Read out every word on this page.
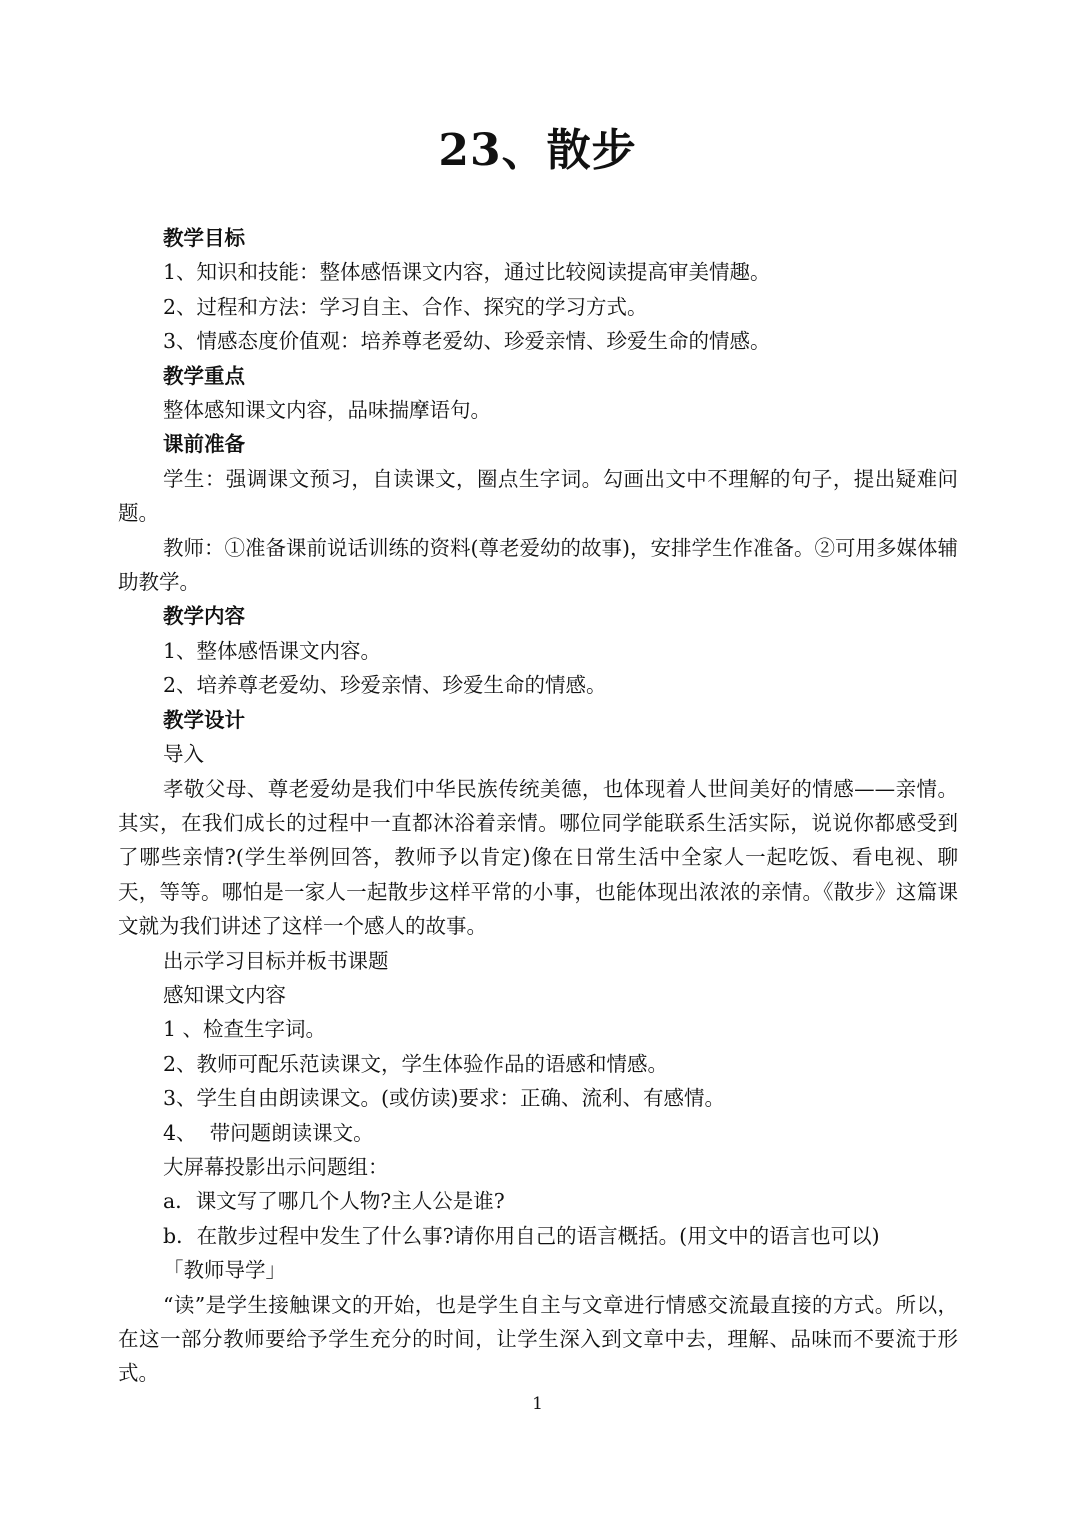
23、散步

教学目标

1、知识和技能：整体感悟课文内容，通过比较阅读提高审美情趣。

2、过程和方法：学习自主、合作、探究的学习方式。

3、情感态度价值观：培养尊老爱幼、珍爱亲情、珍爱生命的情感。

教学重点

整体感知课文内容，品味揣摩语句。

课前准备

学生：强调课文预习，自读课文，圈点生字词。勾画出文中不理解的句子，提出疑难问题。

教师：①准备课前说话训练的资料(尊老爱幼的故事)，安排学生作准备。②可用多媒体辅助教学。

教学内容

1、整体感悟课文内容。

2、培养尊老爱幼、珍爱亲情、珍爱生命的情感。

教学设计

导入

孝敬父母、尊老爱幼是我们中华民族传统美德，也体现着人世间美好的情感——亲情。其实，在我们成长的过程中一直都沐浴着亲情。哪位同学能联系生活实际，说说你都感受到了哪些亲情?(学生举例回答，教师予以肯定)像在日常生活中全家人一起吃饭、看电视、聊天，等等。哪怕是一家人一起散步这样平常的小事，也能体现出浓浓的亲情。《散步》这篇课文就为我们讲述了这样一个感人的故事。

出示学习目标并板书课题

感知课文内容

1 、检查生字词。

2、教师可配乐范读课文，学生体验作品的语感和情感。

3、学生自由朗读课文。(或仿读)要求：正确、流利、有感情。

4、  带问题朗读课文。

大屏幕投影出示问题组：

a．课文写了哪几个人物?主人公是谁?

b．在散步过程中发生了什么事?请你用自己的语言概括。(用文中的语言也可以)

「教师导学」

“读”是学生接触课文的开始，也是学生自主与文章进行情感交流最直接的方式。所以，在这一部分教师要给予学生充分的时间，让学生深入到文章中去，理解、品味而不要流于形式。

1
